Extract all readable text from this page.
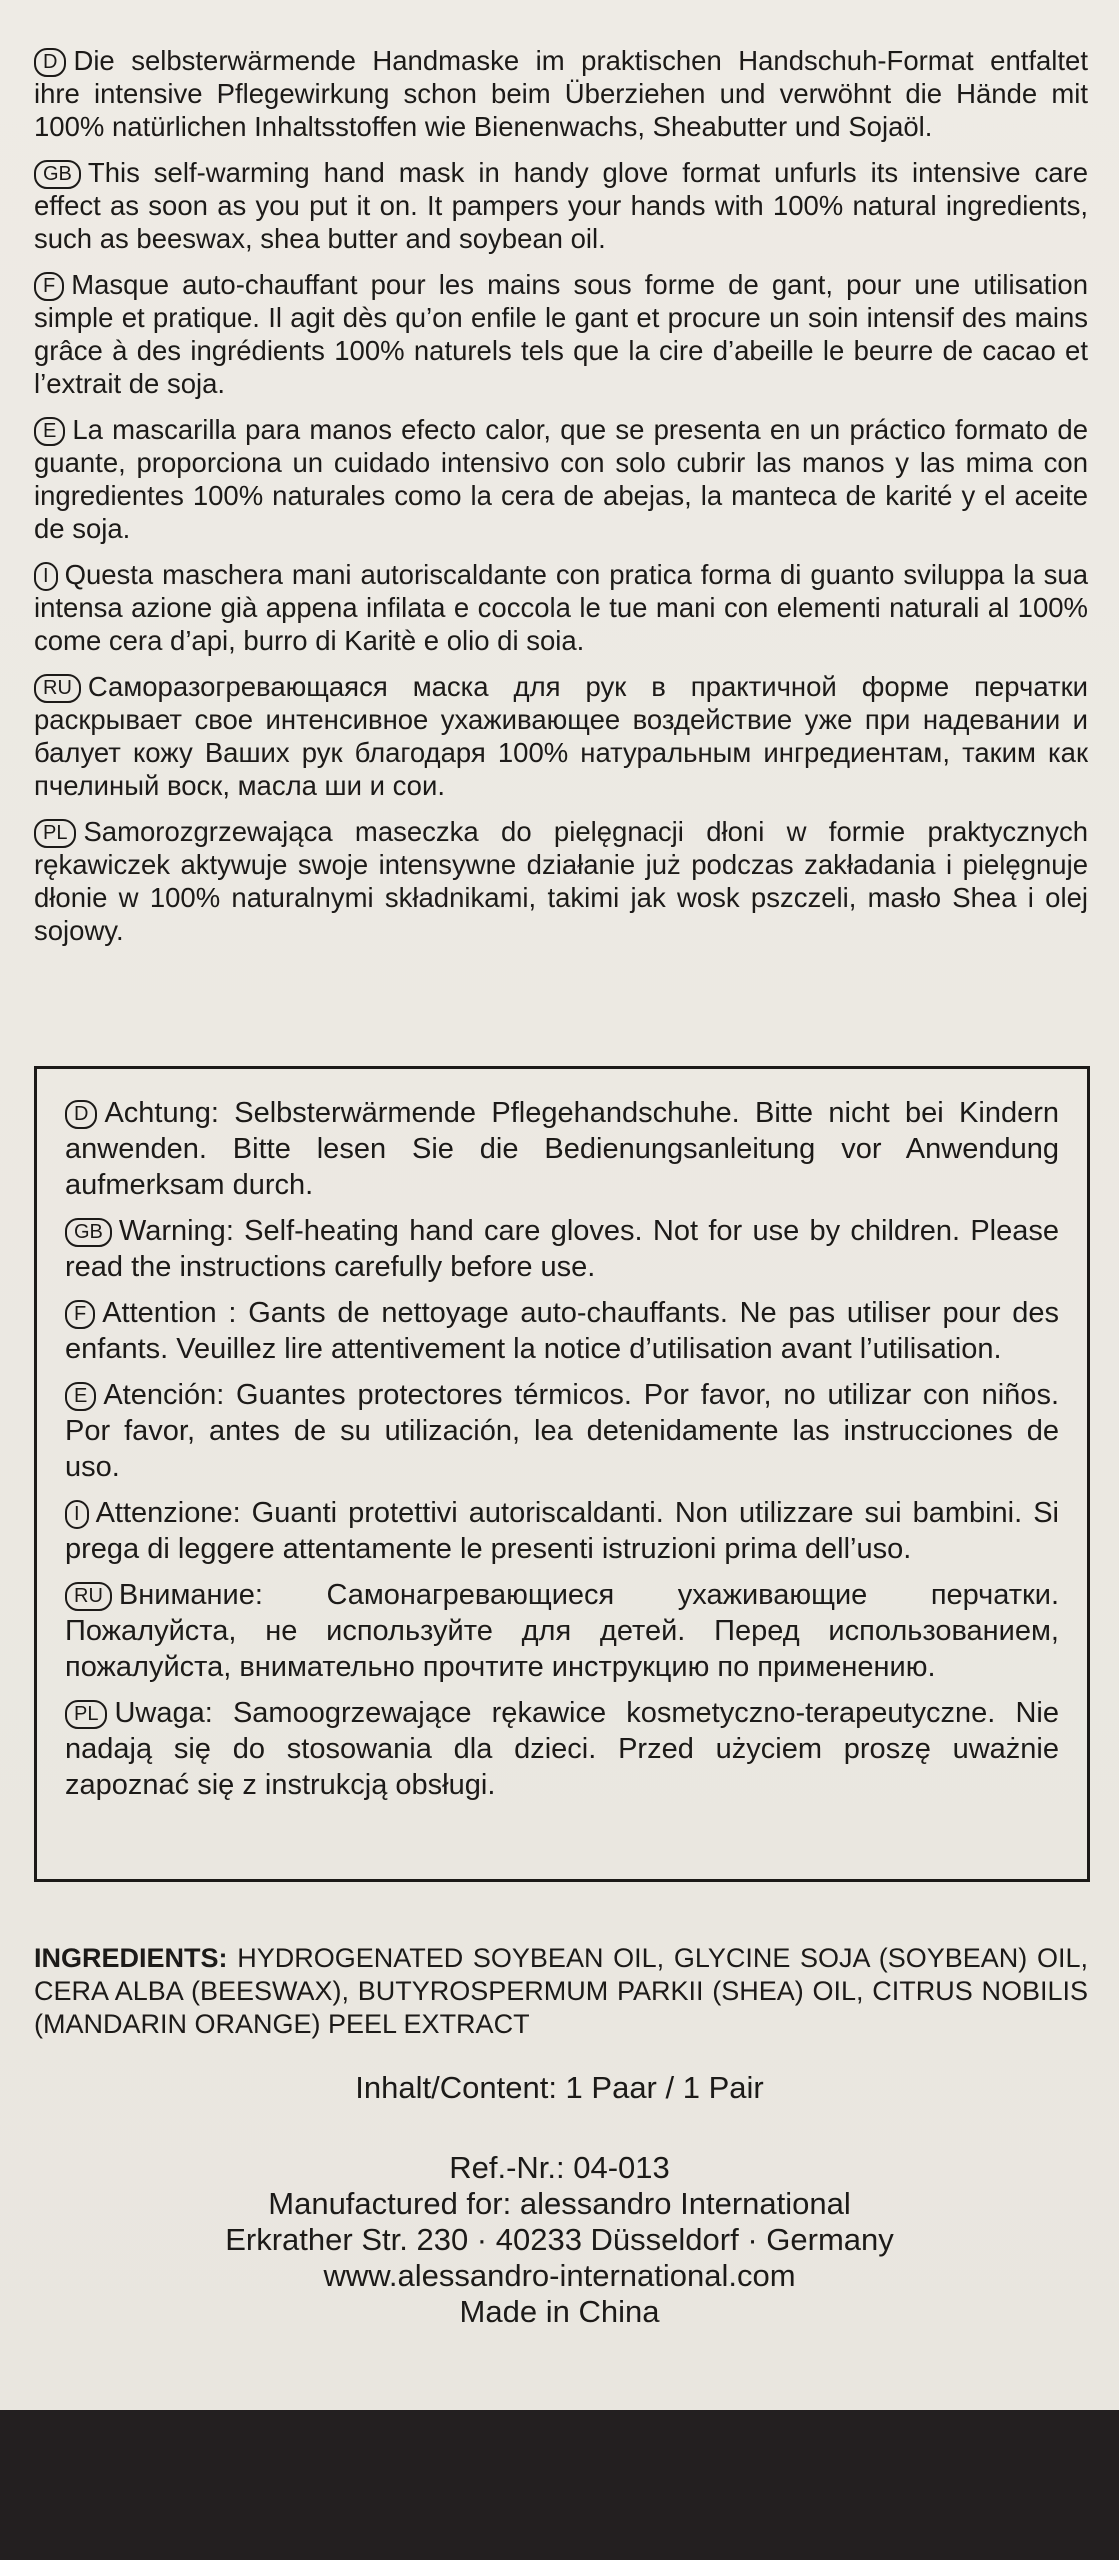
D Die selbsterwärmende Handmaske im praktischen Handschuh-Format entfaltet ihre intensive Pflegewirkung schon beim Überziehen und verwöhnt die Hände mit 100% natürlichen Inhaltsstoffen wie Bienenwachs, Sheabutter und Sojaöl.

GB This self-warming hand mask in handy glove format unfurls its intensive care effect as soon as you put it on. It pampers your hands with 100% natural ingredients, such as beeswax, shea butter and soybean oil.

F Masque auto-chauffant pour les mains sous forme de gant, pour une utilisation simple et pratique. Il agit dès qu’on enfile le gant et procure un soin intensif des mains grâce à des ingrédients 100% naturels tels que la cire d’abeille le beurre de cacao et l’extrait de soja.

E La mascarilla para manos efecto calor, que se presenta en un práctico formato de guante, proporciona un cuidado intensivo con solo cubrir las manos y las mima con ingredientes 100% naturales como la cera de abejas, la manteca de karité y el aceite de soja.

I Questa maschera mani autoriscaldante con pratica forma di guanto sviluppa la sua intensa azione già appena infilata e coccola le tue mani con elementi naturali al 100% come cera d’api, burro di Karitè e olio di soia.

RU Саморазогревающаяся маска для рук в практичной форме перчатки раскрывает свое интенсивное ухаживающее воздействие уже при надевании и балует кожу Ваших рук благодаря 100% натуральным ингредиентам, таким как пчелиный воск, масла ши и сои.

PL Samorozgrzewająca maseczka do pielęgnacji dłoni w formie praktycznych rękawiczek aktywuje swoje intensywne działanie już podczas zakładania i pielęgnuje dłonie w 100% naturalnymi składnikami, takimi jak wosk pszczeli, masło Shea i olej sojowy.

D Achtung: Selbsterwärmende Pflegehandschuhe. Bitte nicht bei Kindern anwenden. Bitte lesen Sie die Bedienungsanleitung vor Anwendung aufmerksam durch.

GB Warning: Self-heating hand care gloves. Not for use by children. Please read the instructions carefully before use.

F Attention : Gants de nettoyage auto-chauffants. Ne pas utiliser pour des enfants. Veuillez lire attentivement la notice d’utilisation avant l’utilisation.

E Atención: Guantes protectores térmicos. Por favor, no utilizar con niños. Por favor, antes de su utilización, lea detenidamente las instrucciones de uso.

I Attenzione: Guanti protettivi autoriscaldanti. Non utilizzare sui bambini. Si prega di leggere attentamente le presenti istruzioni prima dell’uso.

RU Внимание: Самонагревающиеся ухаживающие перчатки. Пожалуйста, не используйте для детей. Перед использованием, пожалуйста, внимательно прочтите инструкцию по применению.

PL Uwaga: Samoogrzewające rękawice kosmetyczno-terapeutyczne. Nie nadają się do stosowania dla dzieci. Przed użyciem proszę uważnie zapoznać się z instrukcją obsługi.

INGREDIENTS: HYDROGENATED SOYBEAN OIL, GLYCINE SOJA (SOYBEAN) OIL, CERA ALBA (BEESWAX), BUTYROSPERMUM PARKII (SHEA) OIL, CITRUS NOBILIS (MANDARIN ORANGE) PEEL EXTRACT
Inhalt/Content: 1 Paar / 1 Pair
Ref.-Nr.: 04-013
Manufactured for: alessandro International
Erkrather Str. 230 · 40233 Düsseldorf · Germany
www.alessandro-international.com
Made in China
